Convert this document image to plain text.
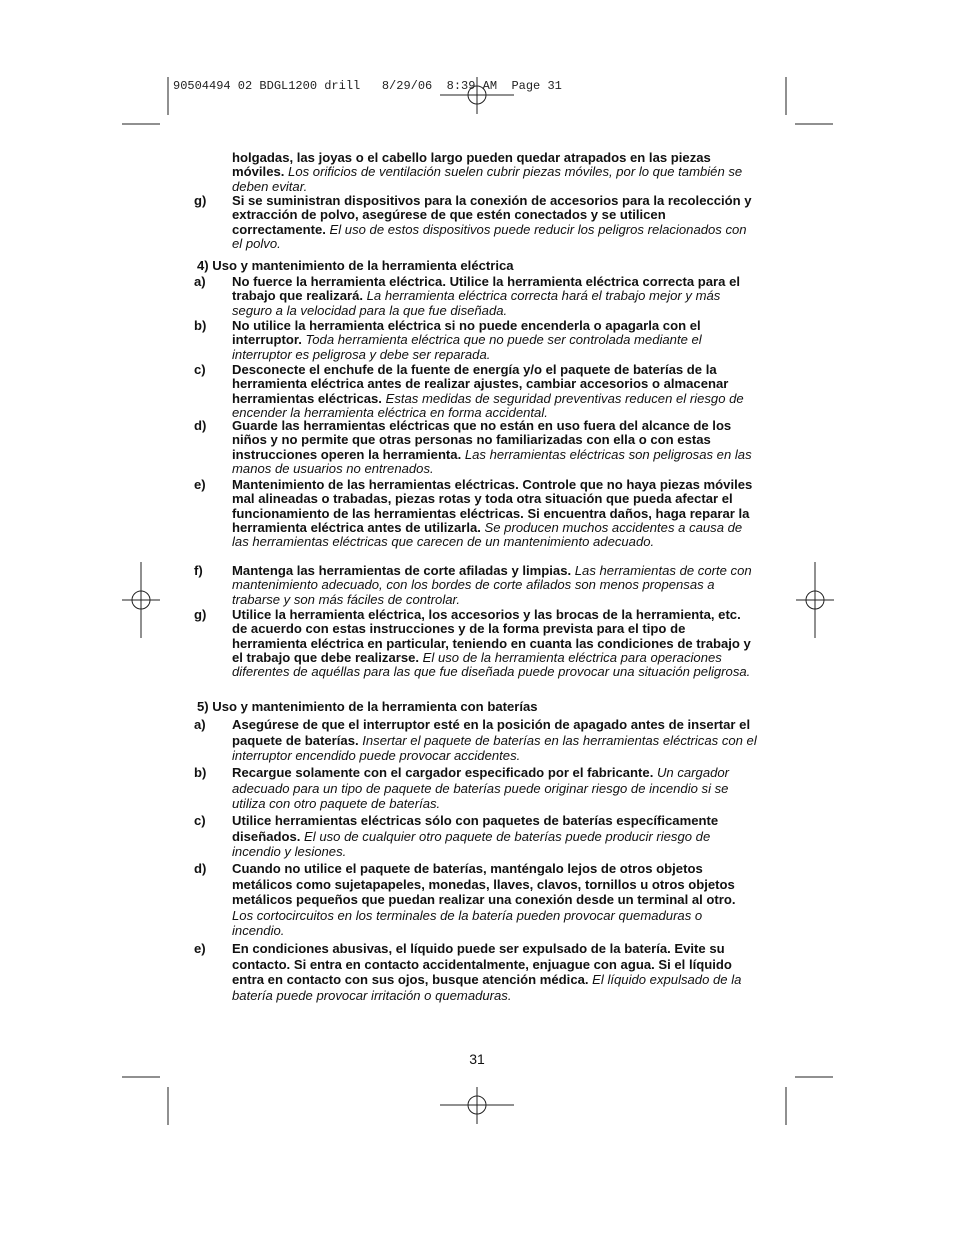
90504494 02 BDGL1200 drill   8/29/06  8:39 AM  Page 31
holgadas, las joyas o el cabello largo pueden quedar atrapados en las piezas móviles. Los orificios de ventilación suelen cubrir piezas móviles, por lo que también se deben evitar.
g) Si se suministran dispositivos para la conexión de accesorios para la recolección y extracción de polvo, asegúrese de que estén conectados y se utilicen correctamente. El uso de estos dispositivos puede reducir los peligros relacionados con el polvo.
4) Uso y mantenimiento de la herramienta eléctrica
a) No fuerce la herramienta eléctrica. Utilice la herramienta eléctrica correcta para el trabajo que realizará. La herramienta eléctrica correcta hará el trabajo mejor y más seguro a la velocidad para la que fue diseñada.
b) No utilice la herramienta eléctrica si no puede encenderla o apagarla con el interruptor. Toda herramienta eléctrica que no puede ser controlada mediante el interruptor es peligrosa y debe ser reparada.
c) Desconecte el enchufe de la fuente de energía y/o el paquete de baterías de la herramienta eléctrica antes de realizar ajustes, cambiar accesorios o almacenar herramientas eléctricas. Estas medidas de seguridad preventivas reducen el riesgo de encender la herramienta eléctrica en forma accidental.
d) Guarde las herramientas eléctricas que no están en uso fuera del alcance de los niños y no permite que otras personas no familiarizadas con ella o con estas instrucciones operen la herramienta. Las herramientas eléctricas son peligrosas en las manos de usuarios no entrenados.
e) Mantenimiento de las herramientas eléctricas. Controle que no haya piezas móviles mal alineadas o trabadas, piezas rotas y toda otra situación que pueda afectar el funcionamiento de las herramientas eléctricas. Si encuentra daños, haga reparar la herramienta eléctrica antes de utilizarla. Se producen muchos accidentes a causa de las herramientas eléctricas que carecen de un mantenimiento adecuado.
f) Mantenga las herramientas de corte afiladas y limpias. Las herramientas de corte con mantenimiento adecuado, con los bordes de corte afilados son menos propensas a trabarse y son más fáciles de controlar.
g) Utilice la herramienta eléctrica, los accesorios y las brocas de la herramienta, etc. de acuerdo con estas instrucciones y de la forma prevista para el tipo de herramienta eléctrica en particular, teniendo en cuanta las condiciones de trabajo y el trabajo que debe realizarse. El uso de la herramienta eléctrica para operaciones diferentes de aquéllas para las que fue diseñada puede provocar una situación peligrosa.
5) Uso y mantenimiento de la herramienta con baterías
a) Asegúrese de que el interruptor esté en la posición de apagado antes de insertar el paquete de baterías. Insertar el paquete de baterías en las herramientas eléctricas con el interruptor encendido puede provocar accidentes.
b) Recargue solamente con el cargador especificado por el fabricante. Un cargador adecuado para un tipo de paquete de baterías puede originar riesgo de incendio si se utiliza con otro paquete de baterías.
c) Utilice herramientas eléctricas sólo con paquetes de baterías específicamente diseñados. El uso de cualquier otro paquete de baterías puede producir riesgo de incendio y lesiones.
d) Cuando no utilice el paquete de baterías, manténgalo lejos de otros objetos metálicos como sujetapapeles, monedas, llaves, clavos, tornillos u otros objetos metálicos pequeños que puedan realizar una conexión desde un terminal al otro. Los cortocircuitos en los terminales de la batería pueden provocar quemaduras o incendio.
e) En condiciones abusivas, el líquido puede ser expulsado de la batería. Evite su contacto. Si entra en contacto accidentalmente, enjuague con agua. Si el líquido entra en contacto con sus ojos, busque atención médica. El líquido expulsado de la batería puede provocar irritación o quemaduras.
31
